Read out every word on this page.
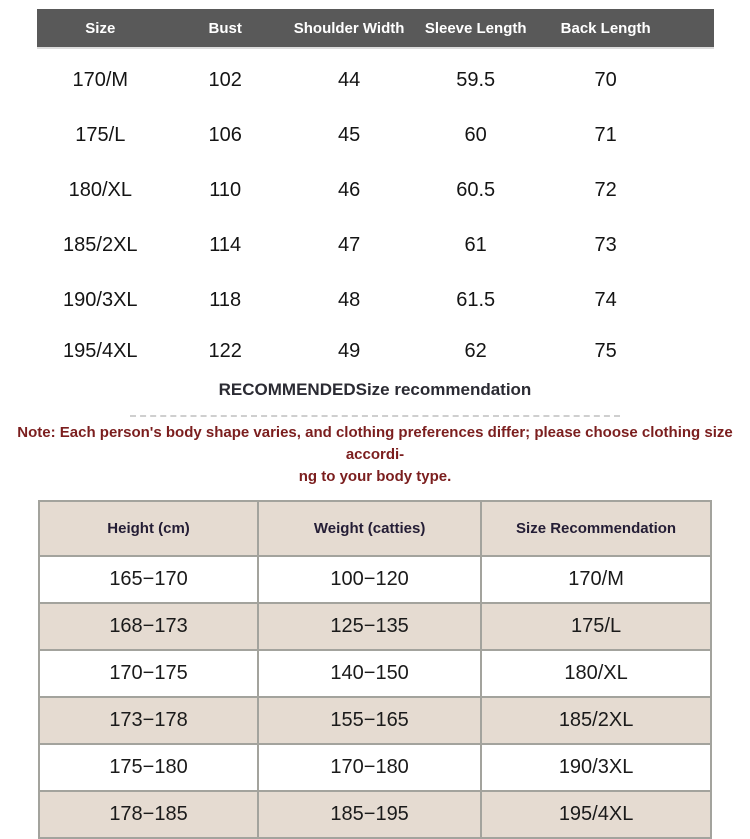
Size	Bust	Shoulder Width	Sleeve Length	Back Length
170/M	102	44	59.5	70
175/L	106	45	60	71
180/XL	110	46	60.5	72
185/2XL	114	47	61	73
190/3XL	118	48	61.5	74
195/4XL	122	49	62	75
RECOMMENDEDSize recommendation
Note: Each person's body shape varies, and clothing preferences differ; please choose clothing size accordi-
ng to your body type.
Height (cm)	Weight (catties)	Size Recommendation
165−170	100−120	170/M
168−173	125−135	175/L
170−175	140−150	180/XL
173−178	155−165	185/2XL
175−180	170−180	190/3XL
178−185	185−195	195/4XL
